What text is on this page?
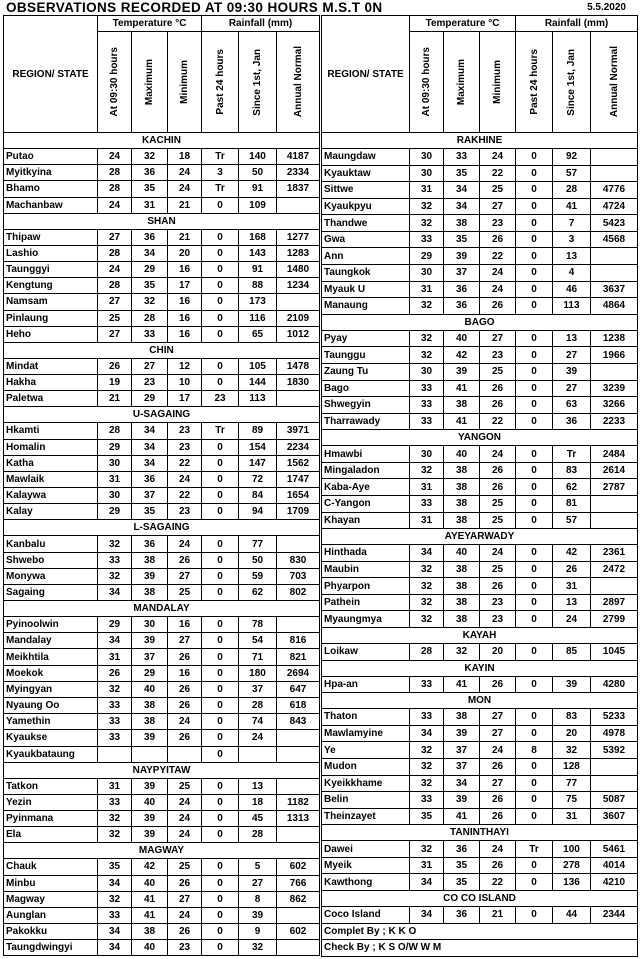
OBSERVATIONS RECORDED AT 09:30 HOURS M.S.T 0N	5.5.2020
REGION/ STATE	Temperature °C			Rainfall (mm)		

	At 09:30 hours	Maximum	Minimum	Past 24 hours	Since 1st, Jan	Annual Normal

KACHIN						
Putao	24	32	18	Tr	140	4187
Myitkyina	28	36	24	3	50	2334
Bhamo	28	35	24	Tr	91	1837
Machanbaw	24	31	21	0	109	
SHAN						
Thipaw	27	36	21	0	168	1277
Lashio	28	34	20	0	143	1283
Taunggyi	24	29	16	0	91	1480
Kengtung	28	35	17	0	88	1234
Namsam	27	32	16	0	173	
Pinlaung	25	28	16	0	116	2109
Heho	27	33	16	0	65	1012
CHIN						
Mindat	26	27	12	0	105	1478
Hakha	19	23	10	0	144	1830
Paletwa	21	29	17	23	113	
U-SAGAING						
Hkamti	28	34	23	Tr	89	3971
Homalin	29	34	23	0	154	2234
Katha	30	34	22	0	147	1562
Mawlaik	31	36	24	0	72	1747
Kalaywa	30	37	22	0	84	1654
Kalay	29	35	23	0	94	1709
L-SAGAING						
Kanbalu	32	36	24	0	77	
Shwebo	33	38	26	0	50	830
Monywa	32	39	27	0	59	703
Sagaing	34	38	25	0	62	802
MANDALAY						
Pyinoolwin	29	30	16	0	78	
Mandalay	34	39	27	0	54	816
Meikhtila	31	37	26	0	71	821
Moekok	26	29	16	0	180	2694
Myingyan	32	40	26	0	37	647
Nyaung Oo	33	38	26	0	28	618
Yamethin	33	38	24	0	74	843
Kyaukse	33	39	26	0	24	
Kyaukbataung				0		
NAYPYITAW						
Tatkon	31	39	25	0	13	
Yezin	33	40	24	0	18	1182
Pyinmana	32	39	24	0	45	1313
Ela	32	39	24	0	28	
MAGWAY						
Chauk	35	42	25	0	5	602
Minbu	34	40	26	0	27	766
Magway	32	41	27	0	8	862
Aunglan	33	41	24	0	39	
Pakokku	34	38	26	0	9	602
Taungdwingyi	34	40	23	0	32	
REGION/ STATE	Temperature °C			Rainfall (mm)		

	At 09:30 hours	Maximum	Minimum	Past 24 hours	Since 1st, Jan	Annual Normal

RAKHINE						
Maungdaw	30	33	24	0	92	
Kyauktaw	30	35	22	0	57	
Sittwe	31	34	25	0	28	4776
Kyaukpyu	32	34	27	0	41	4724
Thandwe	32	38	23	0	7	5423
Gwa	33	35	26	0	3	4568
Ann	29	39	22	0	13	
Taungkok	30	37	24	0	4	
Myauk U	31	36	24	0	46	3637
Manaung	32	36	26	0	113	4864
BAGO						
Pyay	32	40	27	0	13	1238
Taunggu	32	42	23	0	27	1966
Zaung Tu	30	39	25	0	39	
Bago	33	41	26	0	27	3239
Shwegyin	33	38	26	0	63	3266
Tharrawady	33	41	22	0	36	2233
YANGON						
Hmawbi	30	40	24	0	Tr	2484
Mingaladon	32	38	26	0	83	2614
Kaba-Aye	31	38	26	0	62	2787
C-Yangon	33	38	25	0	81	
Khayan	31	38	25	0	57	
AYEYARWADY						
Hinthada	34	40	24	0	42	2361
Maubin	32	38	25	0	26	2472
Phyarpon	32	38	26	0	31	
Pathein	32	38	23	0	13	2897
Myaungmya	32	38	23	0	24	2799
KAYAH						
Loikaw	28	32	20	0	85	1045
KAYIN						
Hpa-an	33	41	26	0	39	4280
MON						
Thaton	33	38	27	0	83	5233
Mawlamyine	34	39	27	0	20	4978
Ye	32	37	24	8	32	5392
Mudon	32	37	26	0	128	
Kyeikkhame	32	34	27	0	77	
Belin	33	39	26	0	75	5087
Theinzayet	35	41	26	0	31	3607
TANINTHAYI						
Dawei	32	36	24	Tr	100	5461
Myeik	31	35	26	0	278	4014
Kawthong	34	35	22	0	136	4210
CO CO ISLAND						
Coco Island	34	36	21	0	44	2344
Complet By ; K K O						
Check By ; K S O/W W M						
